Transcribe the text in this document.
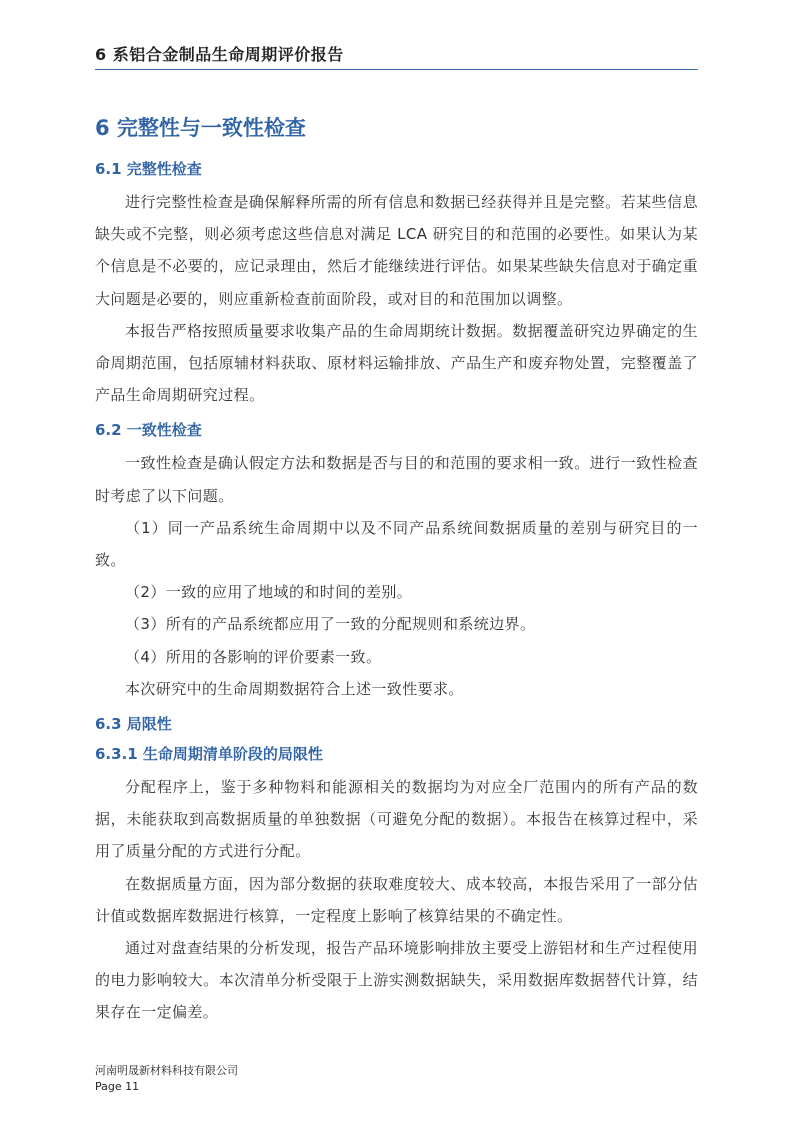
6 系铝合金制品生命周期评价报告
6 完整性与一致性检查
6.1 完整性检查

进行完整性检查是确保解释所需的所有信息和数据已经获得并且是完整。若某些信息缺失或不完整，则必须考虑这些信息对满足 LCA 研究目的和范围的必要性。如果认为某个信息是不必要的，应记录理由，然后才能继续进行评估。如果某些缺失信息对于确定重大问题是必要的，则应重新检查前面阶段，或对目的和范围加以调整。

本报告严格按照质量要求收集产品的生命周期统计数据。数据覆盖研究边界确定的生命周期范围，包括原辅材料获取、原材料运输排放、产品生产和废弃物处置，完整覆盖了产品生命周期研究过程。

6.2 一致性检查

一致性检查是确认假定方法和数据是否与目的和范围的要求相一致。进行一致性检查时考虑了以下问题。

（1）同一产品系统生命周期中以及不同产品系统间数据质量的差别与研究目的一致。

（2）一致的应用了地域的和时间的差别。

（3）所有的产品系统都应用了一致的分配规则和系统边界。

（4）所用的各影响的评价要素一致。

本次研究中的生命周期数据符合上述一致性要求。

6.3 局限性
6.3.1 生命周期清单阶段的局限性

分配程序上，鉴于多种物料和能源相关的数据均为对应全厂范围内的所有产品的数据，未能获取到高数据质量的单独数据（可避免分配的数据）。本报告在核算过程中，采用了质量分配的方式进行分配。

在数据质量方面，因为部分数据的获取难度较大、成本较高，本报告采用了一部分估计值或数据库数据进行核算，一定程度上影响了核算结果的不确定性。

通过对盘查结果的分析发现，报告产品环境影响排放主要受上游铝材和生产过程使用的电力影响较大。本次清单分析受限于上游实测数据缺失，采用数据库数据替代计算，结果存在一定偏差。

河南明晟新材料科技有限公司
Page 11
